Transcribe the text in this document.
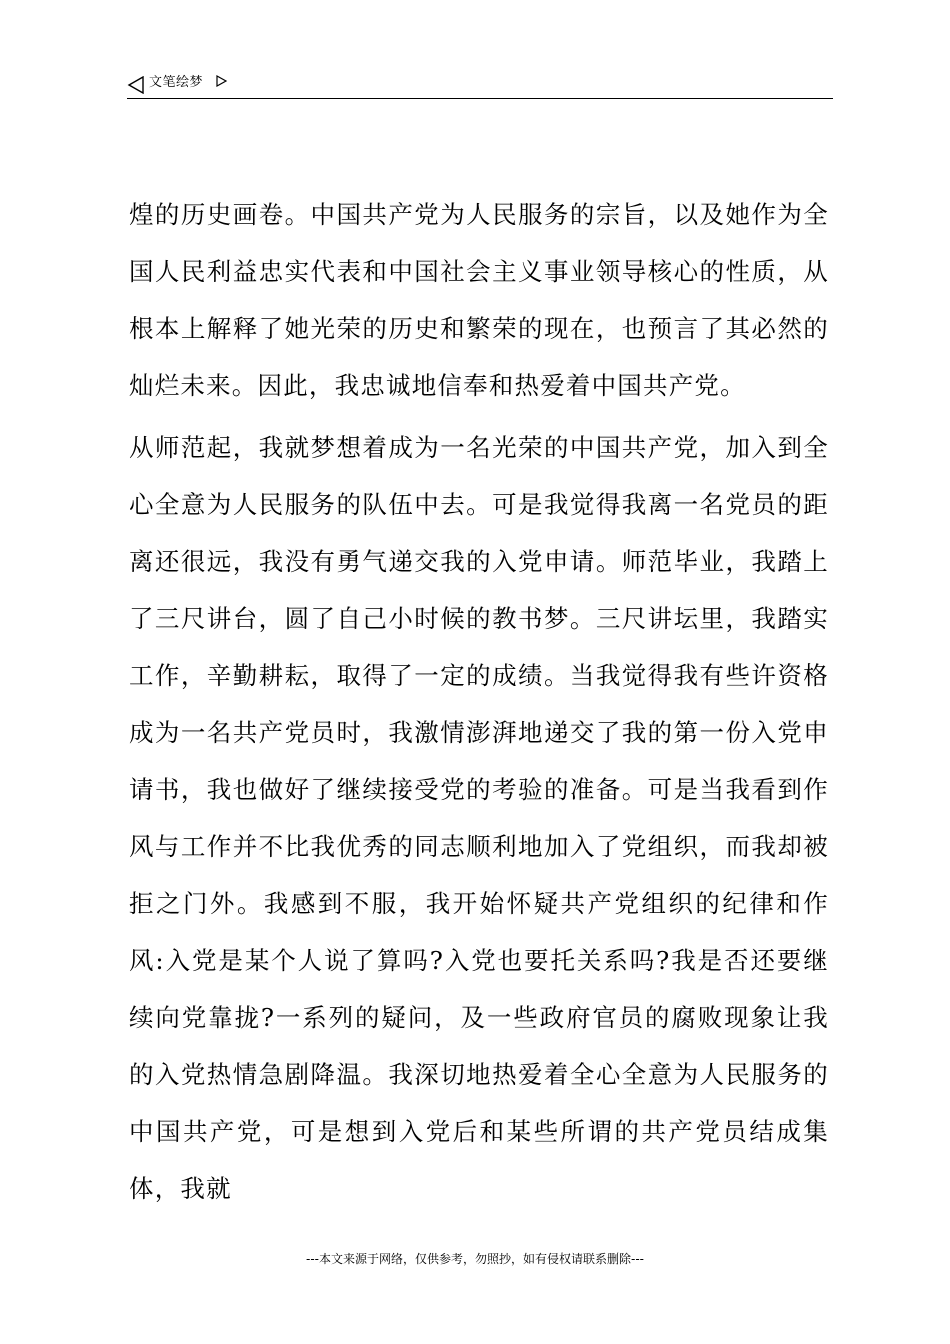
文笔绘梦

煌的历史画卷。中国共产党为人民服务的宗旨，以及她作为全国人民利益忠实代表和中国社会主义事业领导核心的性质，从根本上解释了她光荣的历史和繁荣的现在，也预言了其必然的灿烂未来。因此，我忠诚地信奉和热爱着中国共产党。

从师范起，我就梦想着成为一名光荣的中国共产党，加入到全心全意为人民服务的队伍中去。可是我觉得我离一名党员的距离还很远，我没有勇气递交我的入党申请。师范毕业，我踏上了三尺讲台，圆了自己小时候的教书梦。三尺讲坛里，我踏实工作，辛勤耕耘，取得了一定的成绩。当我觉得我有些许资格成为一名共产党员时，我激情澎湃地递交了我的第一份入党申请书，我也做好了继续接受党的考验的准备。可是当我看到作风与工作并不比我优秀的同志顺利地加入了党组织，而我却被拒之门外。我感到不服，我开始怀疑共产党组织的纪律和作风:入党是某个人说了算吗?入党也要托关系吗?我是否还要继续向党靠拢?一系列的疑问，及一些政府官员的腐败现象让我的入党热情急剧降温。我深切地热爱着全心全意为人民服务的中国共产党，可是想到入党后和某些所谓的共产党员结成集体，我就

---本文来源于网络，仅供参考，勿照抄，如有侵权请联系删除---
